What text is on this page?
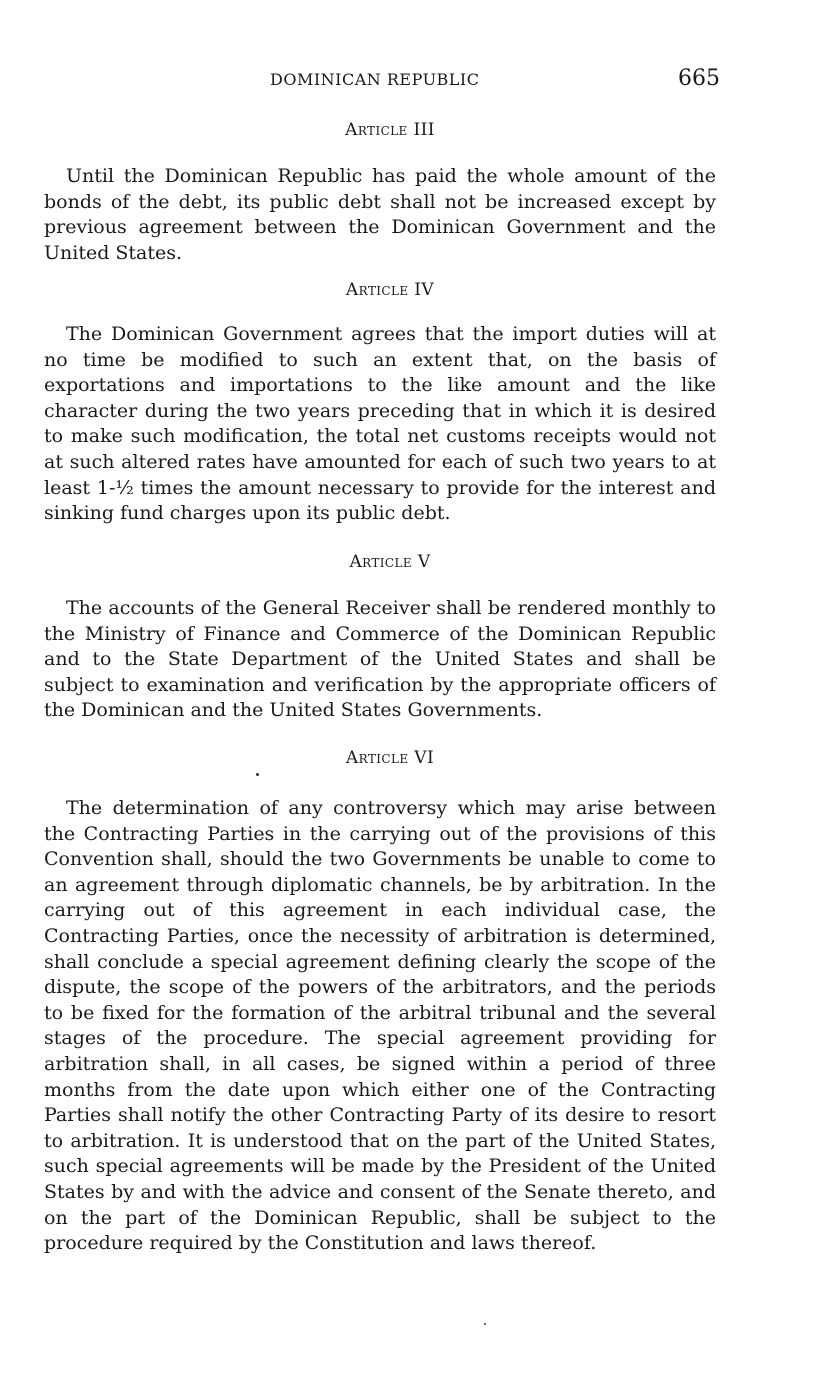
DOMINICAN REPUBLIC	665
Article III

Until the Dominican Republic has paid the whole amount of the bonds of the debt, its public debt shall not be increased except by previous agreement between the Dominican Government and the United States.

Article IV

The Dominican Government agrees that the import duties will at no time be modified to such an extent that, on the basis of exportations and importations to the like amount and the like character during the two years preceding that in which it is desired to make such modification, the total net customs receipts would not at such altered rates have amounted for each of such two years to at least 1-½ times the amount necessary to provide for the interest and sinking fund charges upon its public debt.

Article V

The accounts of the General Receiver shall be rendered monthly to the Ministry of Finance and Commerce of the Dominican Republic and to the State Department of the United States and shall be subject to examination and verification by the appropriate officers of the Dominican and the United States Governments.

Article VI

The determination of any controversy which may arise between the Contracting Parties in the carrying out of the provisions of this Convention shall, should the two Governments be unable to come to an agreement through diplomatic channels, be by arbitration. In the carrying out of this agreement in each individual case, the Contracting Parties, once the necessity of arbitration is determined, shall conclude a special agreement defining clearly the scope of the dispute, the scope of the powers of the arbitrators, and the periods to be fixed for the formation of the arbitral tribunal and the several stages of the procedure. The special agreement providing for arbitration shall, in all cases, be signed within a period of three months from the date upon which either one of the Contracting Parties shall notify the other Contracting Party of its desire to resort to arbitration. It is understood that on the part of the United States, such special agreements will be made by the President of the United States by and with the advice and consent of the Senate thereto, and on the part of the Dominican Republic, shall be subject to the procedure required by the Constitution and laws thereof.
